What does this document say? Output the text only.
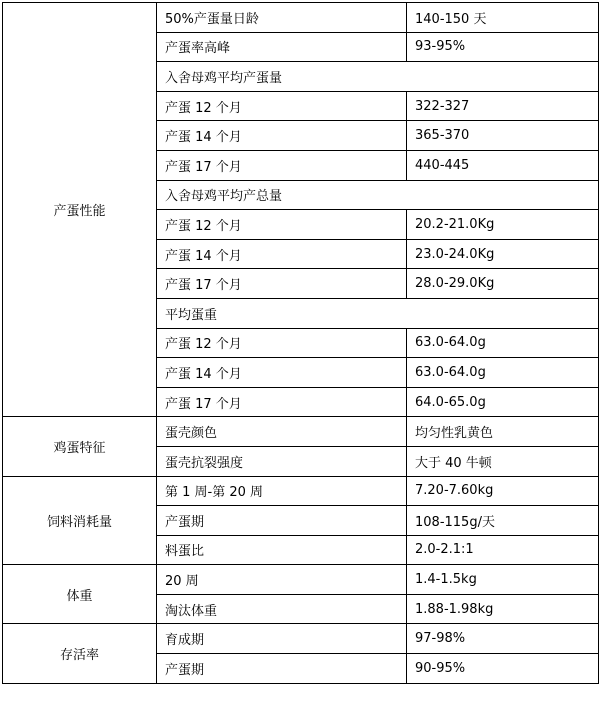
产蛋性能	50%产蛋量日龄	140-150 天
	产蛋率高峰	93-95%
	入舍母鸡平均产蛋量	
	产蛋 12 个月	322-327
	产蛋 14 个月	365-370
	产蛋 17 个月	440-445
	入舍母鸡平均产总量	
	产蛋 12 个月	20.2-21.0Kg
	产蛋 14 个月	23.0-24.0Kg
	产蛋 17 个月	28.0-29.0Kg
	平均蛋重	
	产蛋 12 个月	63.0-64.0g
	产蛋 14 个月	63.0-64.0g
	产蛋 17 个月	64.0-65.0g
鸡蛋特征	蛋壳颜色	均匀性乳黄色
	蛋壳抗裂强度	大于 40 牛顿
饲料消耗量	第 1 周-第 20 周	7.20-7.60kg
	产蛋期	108-115g/天
	料蛋比	2.0-2.1:1
体重	20 周	1.4-1.5kg
	淘汰体重	1.88-1.98kg
存活率	育成期	97-98%
	产蛋期	90-95%
